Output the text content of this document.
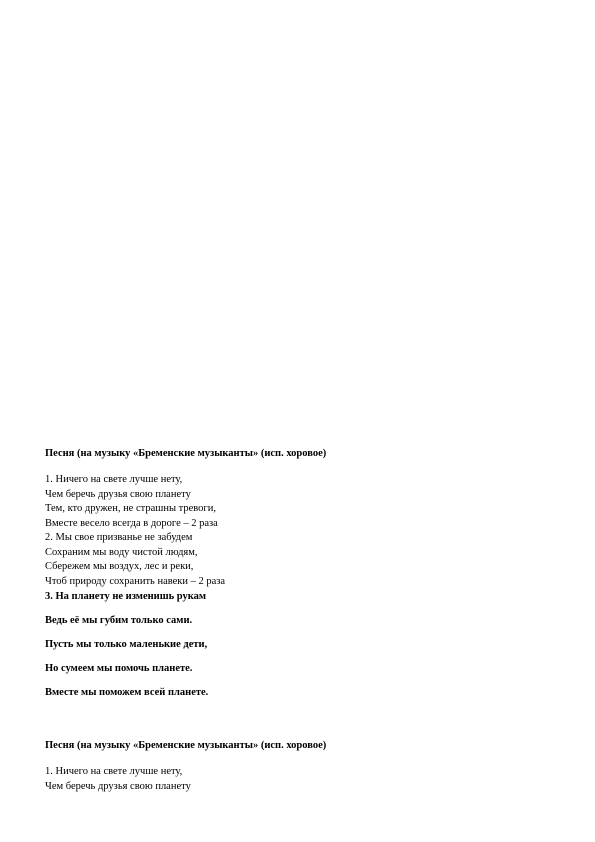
Песня (на музыку «Бременские музыканты» (исп. хоровое)

1. Ничего на свете лучше нету,

Чем беречь друзья свою планету

Тем, кто дружен, не страшны тревоги,

Вместе весело всегда в дороге – 2 раза

2. Мы свое призванье не забудем

Сохраним мы воду чистой людям,

Сбережем мы воздух, лес и реки,

Чтоб природу сохранить навеки – 2 раза

3. На планету не изменишь рукам

Ведь её мы губим только сами.

Пусть мы только маленькие дети,

Но сумеем мы помочь планете.

Вместе мы поможем всей планете.

Песня (на музыку «Бременские музыканты» (исп. хоровое)

1. Ничего на свете лучше нету,

Чем беречь друзья свою планету
